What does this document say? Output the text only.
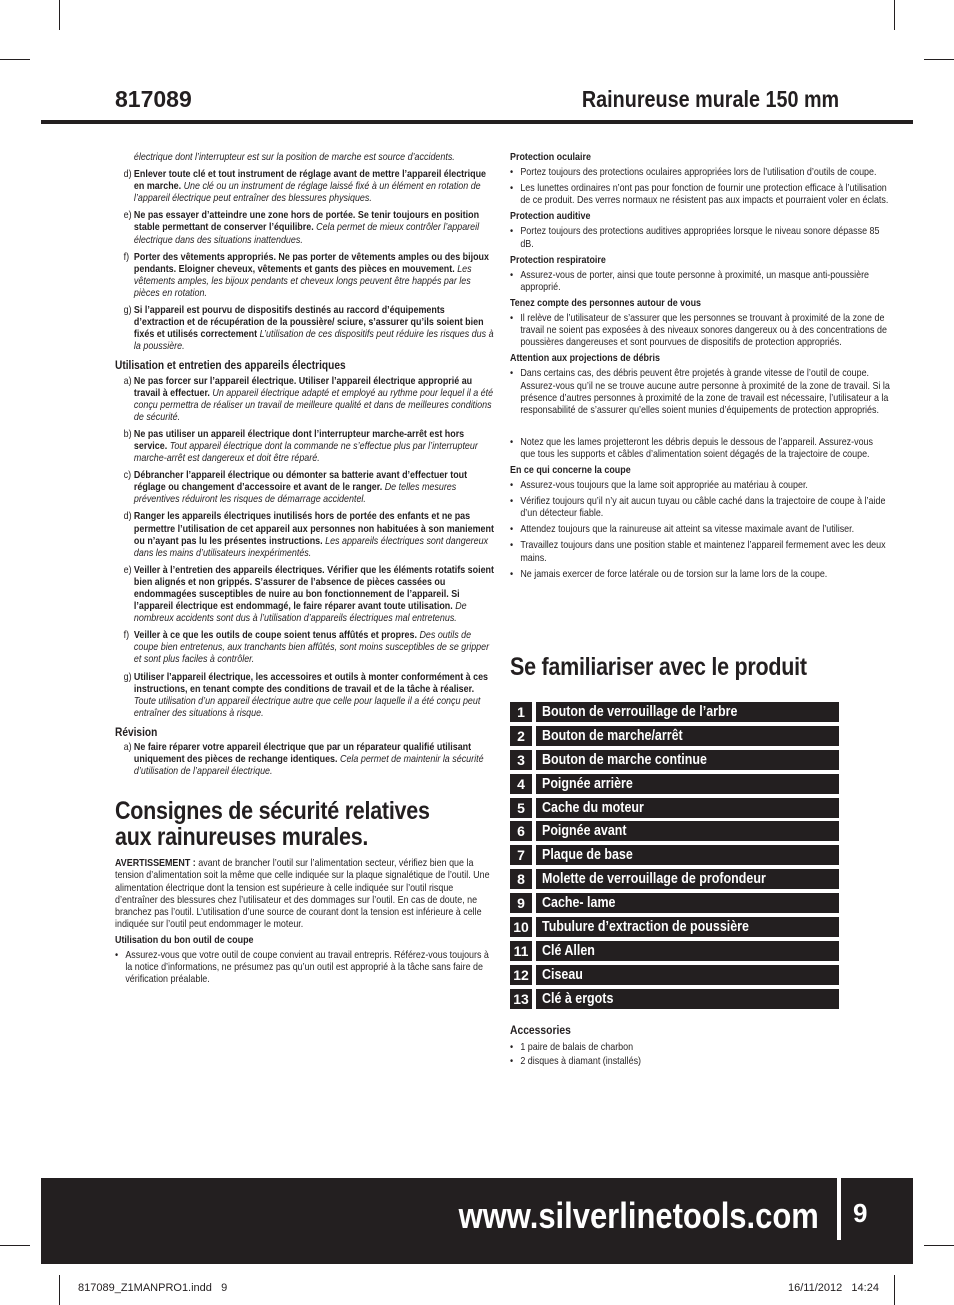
817089	Rainureuse murale 150 mm
électrique dont l’interrupteur est sur la position de marche est source d’accidents.
d) Enlever toute clé et tout instrument de réglage avant de mettre l’appareil électrique en marche. Une clé ou un instrument de réglage laissé fixé à un élément en rotation de l’appareil électrique peut entraîner des blessures physiques.
e) Ne pas essayer d’atteindre une zone hors de portée. Se tenir toujours en position stable permettant de conserver l’équilibre. Cela permet de mieux contrôler l’appareil électrique dans des situations inattendues.
f) Porter des vêtements appropriés. Ne pas porter de vêtements amples ou des bijoux pendants. Eloigner cheveux, vêtements et gants des pièces en mouvement. Les vêtements amples, les bijoux pendants et cheveux longs peuvent être happés par les pièces en rotation.
g) Si l’appareil est pourvu de dispositifs destinés au raccord d’équipements d’extraction et de récupération de la poussière/ sciure, s’assurer qu’ils soient bien fixés et utilisés correctement L’utilisation de ces dispositifs peut réduire les risques dus à la poussière.
Utilisation et entretien des appareils électriques
a) Ne pas forcer sur l’appareil électrique. Utiliser l’appareil électrique approprié au travail à effectuer. Un appareil électrique adapté et employé au rythme pour lequel il a été conçu permettra de réaliser un travail de meilleure qualité et dans de meilleures conditions de sécurité.
b) Ne pas utiliser un appareil électrique dont l’interrupteur marche-arrêt est hors service. Tout appareil électrique dont la commande ne s’effectue plus par l’interrupteur marche-arrêt est dangereux et doit être réparé.
c) Débrancher l’appareil électrique ou démonter sa batterie avant d’effectuer tout réglage ou changement d’accessoire et avant de le ranger. De telles mesures préventives réduiront les risques de démarrage accidentel.
d) Ranger les appareils électriques inutilisés hors de portée des enfants et ne pas permettre l’utilisation de cet appareil aux personnes non habituées à son maniement ou n’ayant pas lu les présentes instructions. Les appareils électriques sont dangereux dans les mains d’utilisateurs inexpérimentés.
e) Veiller à l’entretien des appareils électriques. Vérifier que les éléments rotatifs soient bien alignés et non grippés. S’assurer de l’absence de pièces cassées ou endommagées susceptibles de nuire au bon fonctionnement de l’appareil. Si l’appareil électrique est endommagé, le faire réparer avant toute utilisation. De nombreux accidents sont dus à l’utilisation d’appareils électriques mal entretenus.
f) Veiller à ce que les outils de coupe soient tenus affûtés et propres. Des outils de coupe bien entretenus, aux tranchants bien affûtés, sont moins susceptibles de se gripper et sont plus faciles à contrôler.
g) Utiliser l’appareil électrique, les accessoires et outils à monter conformément à ces instructions, en tenant compte des conditions de travail et de la tâche à réaliser. Toute utilisation d’un appareil électrique autre que celle pour laquelle il a été conçu peut entraîner des situations à risque.
Révision
a) Ne faire réparer votre appareil électrique que par un réparateur qualifié utilisant uniquement des pièces de rechange identiques. Cela permet de maintenir la sécurité d’utilisation de l’appareil électrique.
Consignes de sécurité relatives aux rainureuses murales.
AVERTISSEMENT : avant de brancher l’outil sur l’alimentation secteur, vérifiez bien que la tension d’alimentation soit la même que celle indiquée sur la plaque signalétique de l’outil. Une alimentation électrique dont la tension est supérieure à celle indiquée sur l’outil risque d’entraîner des blessures chez l’utilisateur et des dommages sur l’outil. En cas de doute, ne branchez pas l’outil. L’utilisation d’une source de courant dont la tension est inférieure à celle indiquée sur l’outil peut endommager le moteur.
Utilisation du bon outil de coupe
• Assurez-vous que votre outil de coupe convient au travail entrepris. Référez-vous toujours à la notice d’informations, ne présumez pas qu’un outil est approprié à la tâche sans faire de vérification préalable.
Protection oculaire
• Portez toujours des protections oculaires appropriées lors de l’utilisation d’outils de coupe.
• Les lunettes ordinaires n’ont pas pour fonction de fournir une protection efficace à l’utilisation de ce produit. Des verres normaux ne résistent pas aux impacts et pourraient voler en éclats.
Protection auditive
• Portez toujours des protections auditives appropriées lorsque le niveau sonore dépasse 85 dB.
Protection respiratoire
• Assurez-vous de porter, ainsi que toute personne à proximité, un masque anti-poussière approprié.
Tenez compte des personnes autour de vous
• Il relève de l’utilisateur de s’assurer que les personnes se trouvant à proximité de la zone de travail ne soient pas exposées à des niveaux sonores dangereux ou à des concentrations de poussières dangereuses et sont pourvues de dispositifs de protection appropriés.
Attention aux projections de débris
• Dans certains cas, des débris peuvent être projetés à grande vitesse de l’outil de coupe. Assurez-vous qu’il ne se trouve aucune autre personne à proximité de la zone de travail. Si la présence d’autres personnes à proximité de la zone de travail est nécessaire, l’utilisateur a la responsabilité de s’assurer qu’elles soient munies d’équipements de protection appropriés.
• Notez que les lames projetteront les débris depuis le dessous de l’appareil. Assurez-vous que tous les supports et câbles d’alimentation soient dégagés de la trajectoire de coupe.
En ce qui concerne la coupe
• Assurez-vous toujours que la lame soit appropriée au matériau à couper.
• Vérifiez toujours qu’il n’y ait aucun tuyau ou câble caché dans la trajectoire de coupe à l’aide d’un détecteur fiable.
• Attendez toujours que la rainureuse ait atteint sa vitesse maximale avant de l’utiliser.
• Travaillez toujours dans une position stable et maintenez l’appareil fermement avec les deux mains.
• Ne jamais exercer de force latérale ou de torsion sur la lame lors de la coupe.
Se familiariser avec le produit
1	Bouton de verrouillage de l’arbre
2	Bouton de marche/arrêt
3	Bouton de marche continue
4	Poignée arrière
5	Cache du moteur
6	Poignée avant
7	Plaque de base
8	Molette de verrouillage de profondeur
9	Cache- lame
10 Tubulure d’extraction de poussière
11 Clé Allen
12 Ciseau
13 Clé à ergots
Accessories
• 1 paire de balais de charbon
• 2 disques à diamant (installés)
www.silverlinetools.com 9
817089_Z1MANPRO1.indd   9	16/11/2012   14:24
